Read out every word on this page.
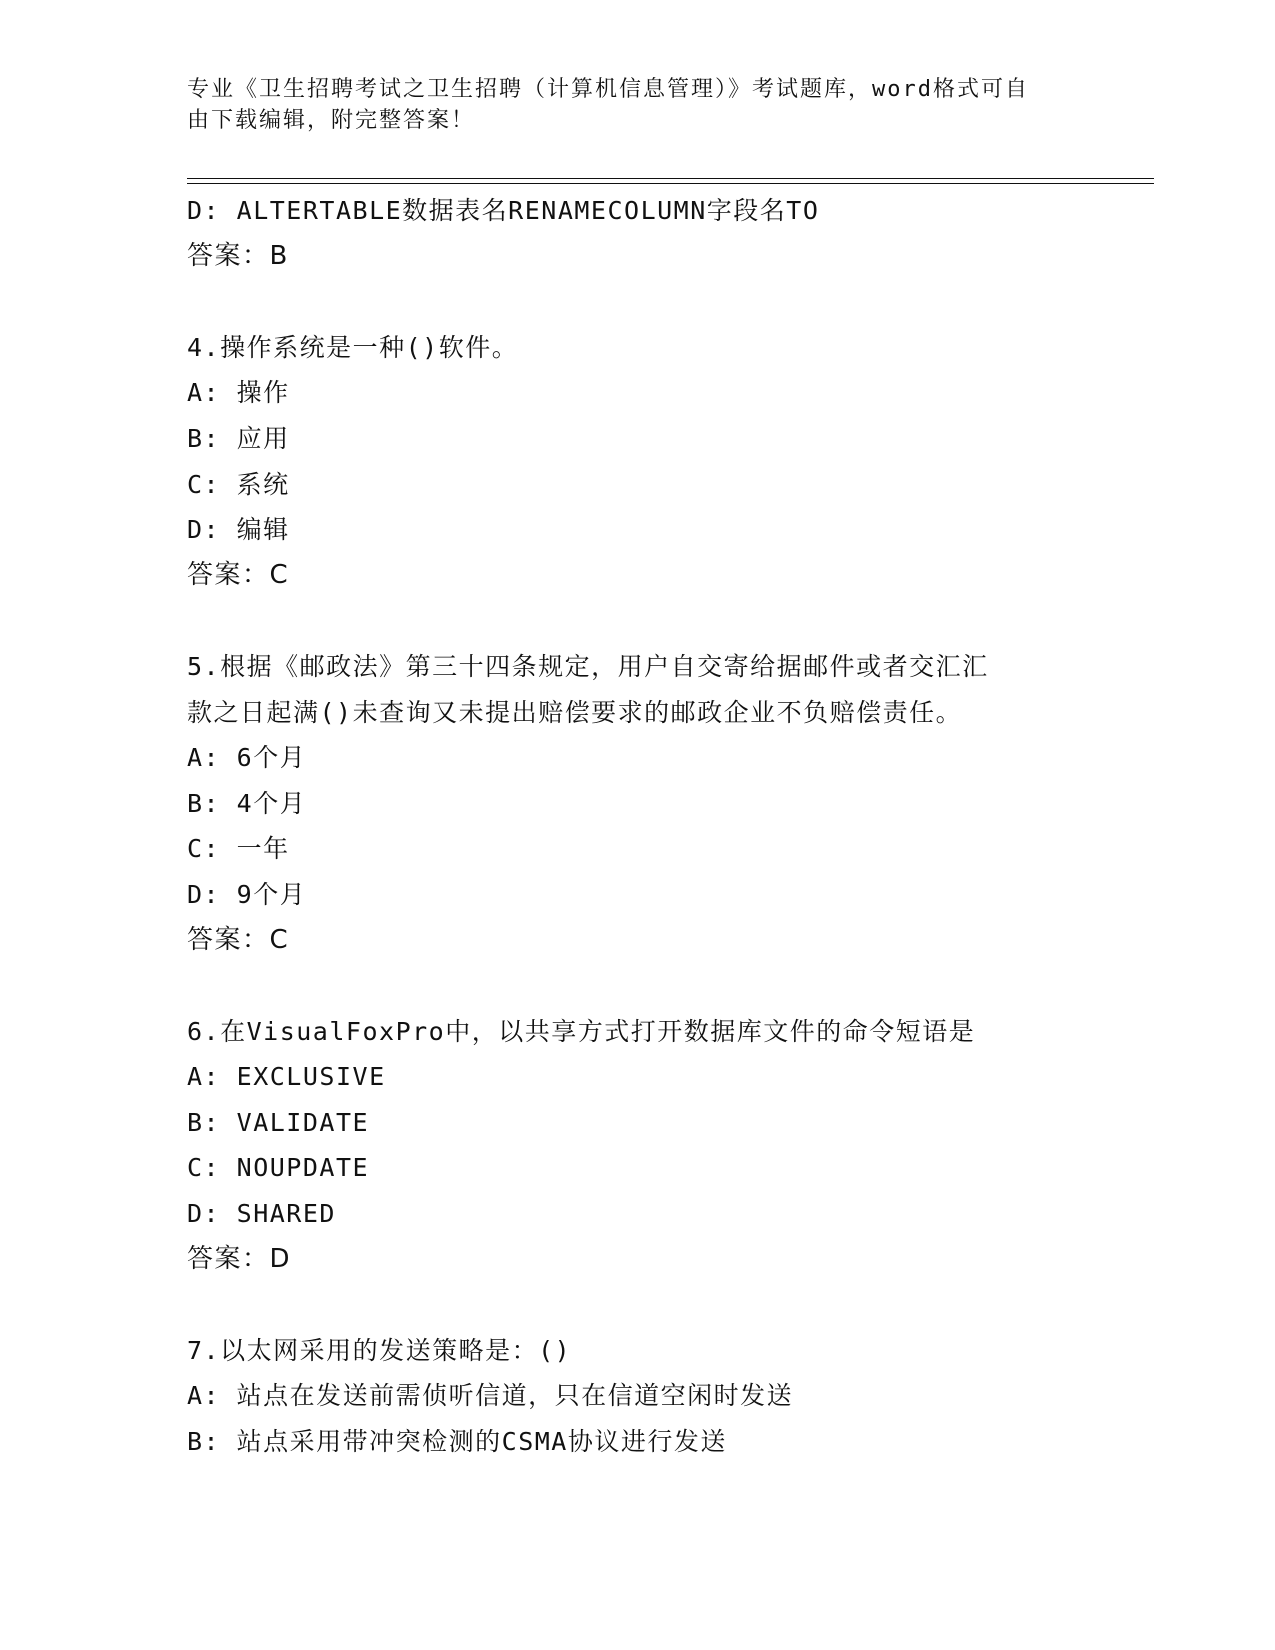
专业《卫生招聘考试之卫生招聘（计算机信息管理）》考试题库，word格式可自
由下载编辑，附完整答案！
D: ALTERTABLE数据表名RENAMECOLUMN字段名TO
答案：B
4.操作系统是一种()软件。
A: 操作
B: 应用
C: 系统
D: 编辑
答案：C
5.根据《邮政法》第三十四条规定，用户自交寄给据邮件或者交汇汇
款之日起满()未查询又未提出赔偿要求的邮政企业不负赔偿责任。
A: 6个月
B: 4个月
C: 一年
D: 9个月
答案：C
6.在VisualFoxPro中，以共享方式打开数据库文件的命令短语是
A: EXCLUSIVE
B: VALIDATE
C: NOUPDATE
D: SHARED
答案：D
7.以太网采用的发送策略是：()
A: 站点在发送前需侦听信道，只在信道空闲时发送
B: 站点采用带冲突检测的CSMA协议进行发送
